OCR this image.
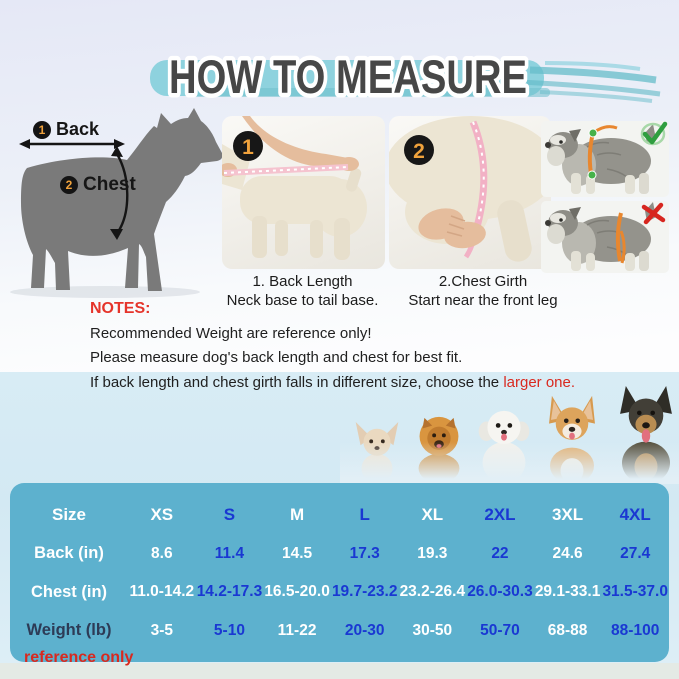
HOW TO MEASURE
1 Back
2 Chest
1	2
1. Back Length
Neck base to tail base.
2.Chest Girth
Start near the front leg
NOTES:
Recommended Weight are reference only!
Please measure dog's back length and chest for best fit.
If back length and chest girth falls in different size, choose the larger one.
Size	XS	S	M	L	XL	2XL	3XL	4XL
Back (in)	8.6	11.4	14.5	17.3	19.3	22	24.6	27.4
Chest (in)	11.0-14.2 14.2-17.3 16.5-20.0 19.7-23.2 23.2-26.4 26.0-30.3 29.1-33.1 31.5-37.0
Weight (lb)	3-5	5-10	11-22	20-30	30-50	50-70	68-88	88-100
reference only
